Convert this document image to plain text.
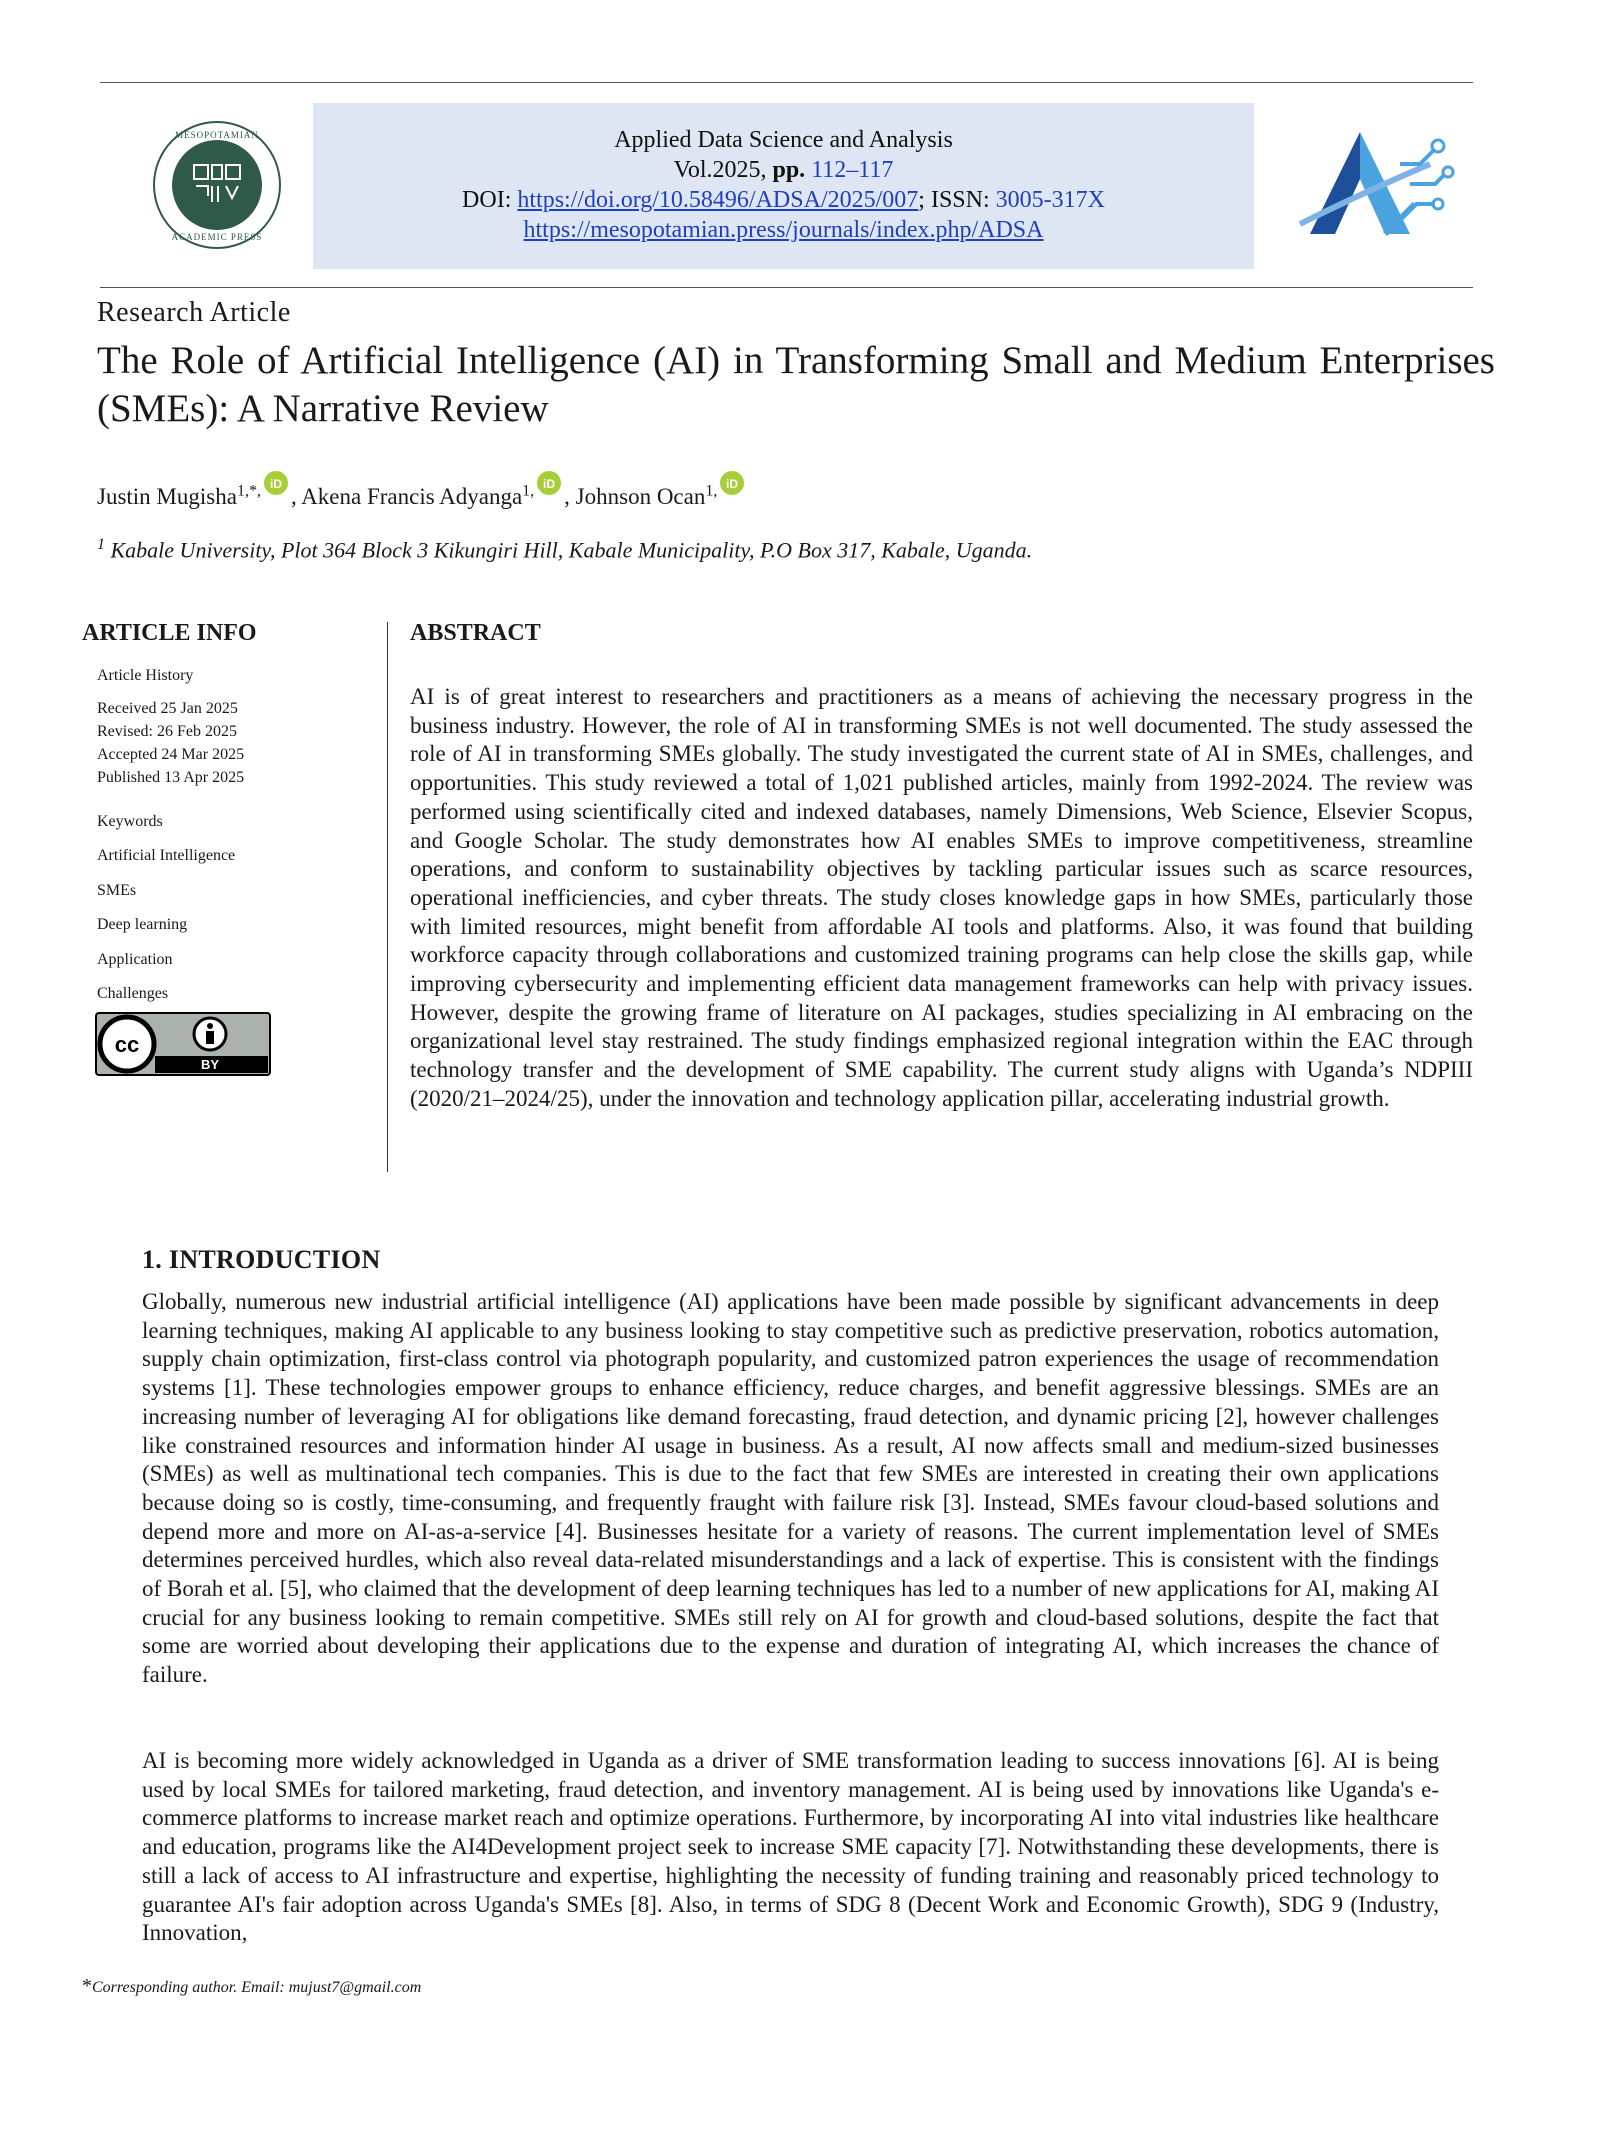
MESOPOTAMIAN
ACADEMIC PRESS
Applied Data Science and Analysis
Vol.2025, pp. 112–117
DOI: https://doi.org/10.58496/ADSA/2025/007; ISSN: 3005-317X
https://mesopotamian.press/journals/index.php/ADSA
Research Article
The Role of Artificial Intelligence (AI) in Transforming Small and Medium Enterprises (SMEs): A Narrative Review
Justin Mugisha$^{1,*,}$ iD , Akena Francis Adyanga$^{1,}$ iD , Johnson Ocan$^{1,}$ iD
$^1$ Kabale University, Plot 364 Block 3 Kikungiri Hill, Kabale Municipality, P.O Box 317, Kabale, Uganda.
ARTICLE INFO
Article History
Received 25 Jan 2025
Revised: 26 Feb 2025
Accepted 24 Mar 2025
Published 13 Apr 2025
Keywords
Artificial Intelligence
SMEs
Deep learning
Application
Challenges
cc
BY
ABSTRACT
AI is of great interest to researchers and practitioners as a means of achieving the necessary progress in the business industry. However, the role of AI in transforming SMEs is not well documented. The study assessed the role of AI in transforming SMEs globally. The study investigated the current state of AI in SMEs, challenges, and opportunities. This study reviewed a total of 1,021 published articles, mainly from 1992-2024. The review was performed using scientifically cited and indexed databases, namely Dimensions, Web Science, Elsevier Scopus, and Google Scholar. The study demonstrates how AI enables SMEs to improve competitiveness, streamline operations, and conform to sustainability objectives by tackling particular issues such as scarce resources, operational inefficiencies, and cyber threats. The study closes knowledge gaps in how SMEs, particularly those with limited resources, might benefit from affordable AI tools and platforms. Also, it was found that building workforce capacity through collaborations and customized training programs can help close the skills gap, while improving cybersecurity and implementing efficient data management frameworks can help with privacy issues. However, despite the growing frame of literature on AI packages, studies specializing in AI embracing on the organizational level stay restrained. The study findings emphasized regional integration within the EAC through technology transfer and the development of SME capability. The current study aligns with Uganda’s NDPIII (2020/21–2024/25), under the innovation and technology application pillar, accelerating industrial growth.
1. INTRODUCTION
Globally, numerous new industrial artificial intelligence (AI) applications have been made possible by significant advancements in deep learning techniques, making AI applicable to any business looking to stay competitive such as predictive preservation, robotics automation, supply chain optimization, first-class control via photograph popularity, and customized patron experiences the usage of recommendation systems [1]. These technologies empower groups to enhance efficiency, reduce charges, and benefit aggressive blessings. SMEs are an increasing number of leveraging AI for obligations like demand forecasting, fraud detection, and dynamic pricing [2], however challenges like constrained resources and information hinder AI usage in business. As a result, AI now affects small and medium-sized businesses (SMEs) as well as multinational tech companies. This is due to the fact that few SMEs are interested in creating their own applications because doing so is costly, time-consuming, and frequently fraught with failure risk [3]. Instead, SMEs favour cloud-based solutions and depend more and more on AI-as-a-service [4]. Businesses hesitate for a variety of reasons. The current implementation level of SMEs determines perceived hurdles, which also reveal data-related misunderstandings and a lack of expertise. This is consistent with the findings of Borah et al. [5], who claimed that the development of deep learning techniques has led to a number of new applications for AI, making AI crucial for any business looking to remain competitive. SMEs still rely on AI for growth and cloud-based solutions, despite the fact that some are worried about developing their applications due to the expense and duration of integrating AI, which increases the chance of failure.
AI is becoming more widely acknowledged in Uganda as a driver of SME transformation leading to success innovations [6]. AI is being used by local SMEs for tailored marketing, fraud detection, and inventory management. AI is being used by innovations like Uganda's e-commerce platforms to increase market reach and optimize operations. Furthermore, by incorporating AI into vital industries like healthcare and education, programs like the AI4Development project seek to increase SME capacity [7]. Notwithstanding these developments, there is still a lack of access to AI infrastructure and expertise, highlighting the necessity of funding training and reasonably priced technology to guarantee AI's fair adoption across Uganda's SMEs [8]. Also, in terms of SDG 8 (Decent Work and Economic Growth), SDG 9 (Industry, Innovation,
*Corresponding author. Email: mujust7@gmail.com
